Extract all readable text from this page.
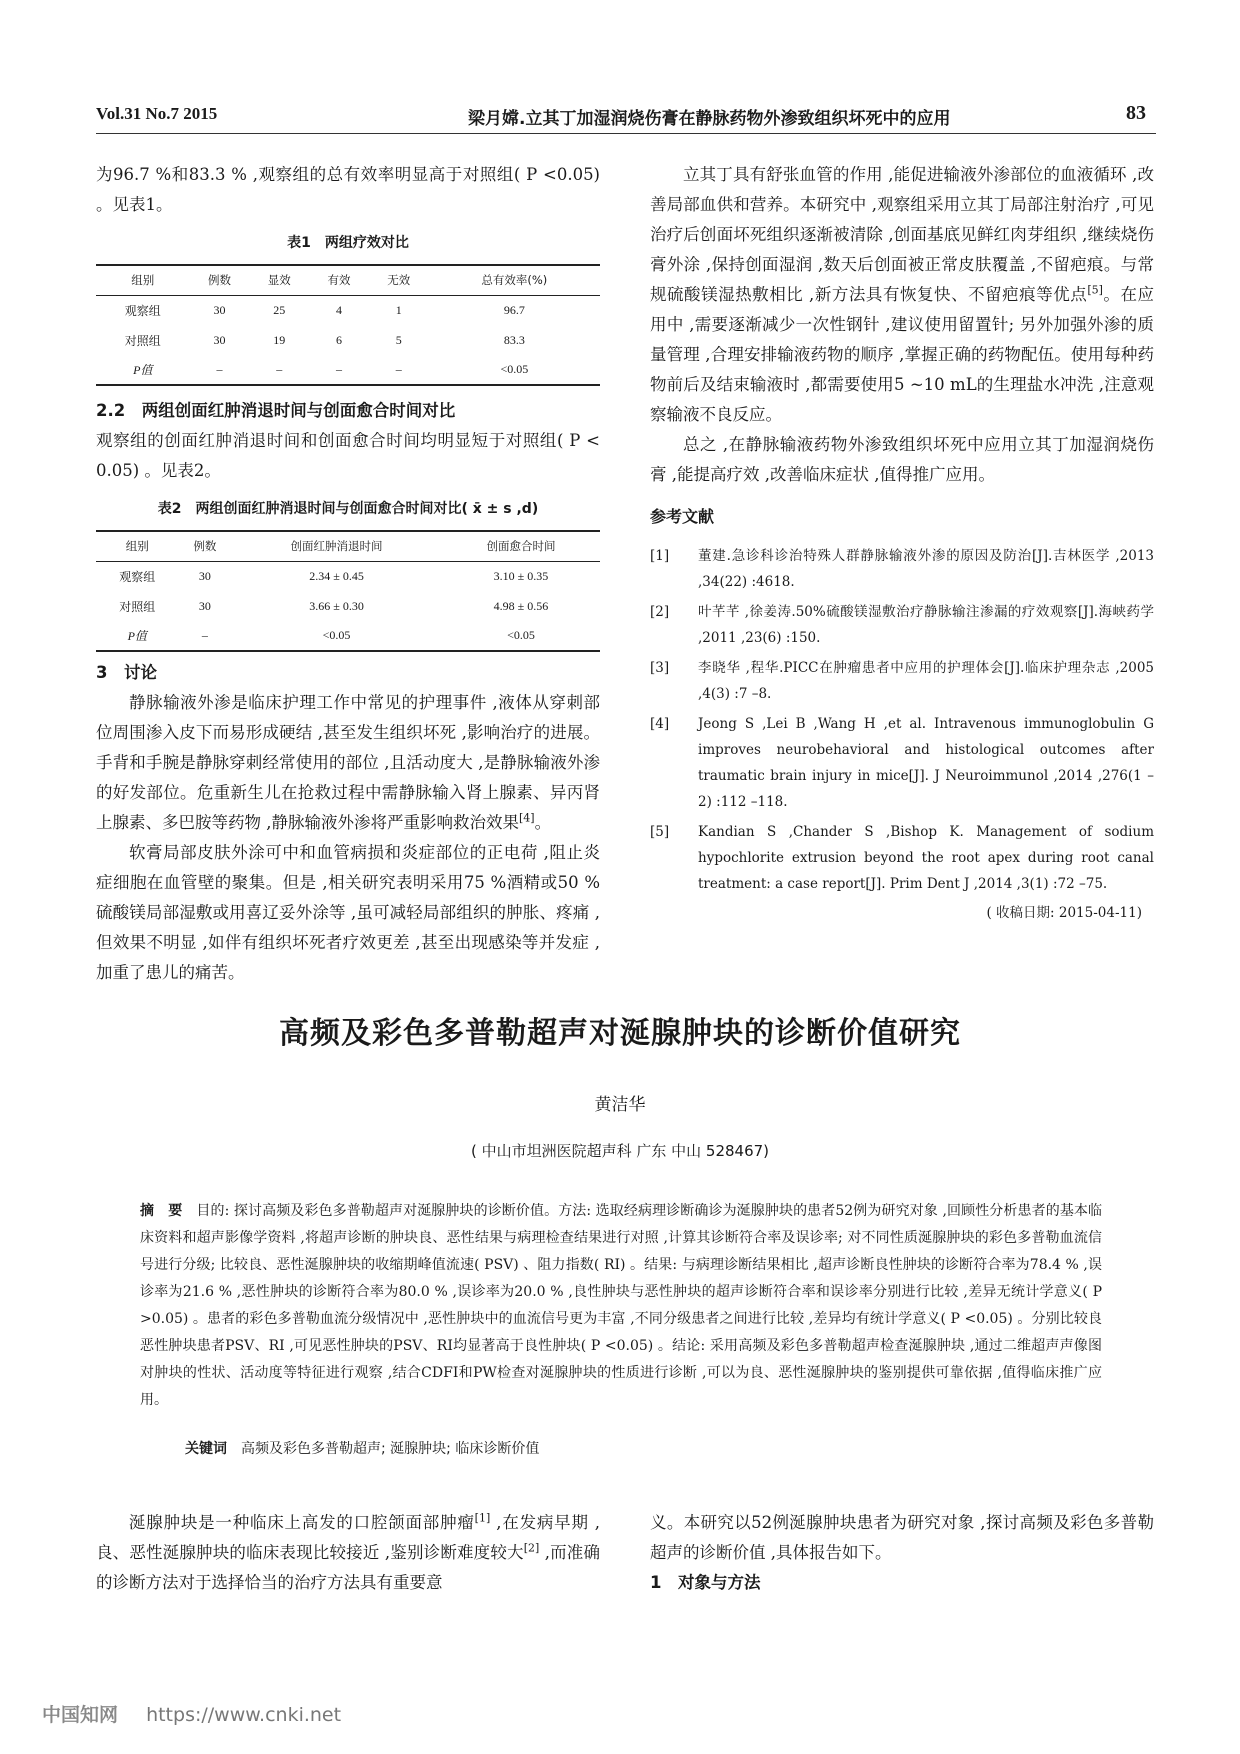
Vol.31 No.7 2015	梁月嫦.立其丁加湿润烧伤膏在静脉药物外渗致组织坏死中的应用	83

为96.7 %和83.3 % ,观察组的总有效率明显高于对照组( P <0.05) 。见表1。

表1　两组疗效对比
组别	例数	显效	有效	无效	总有效率(%)
观察组	30	25	4	1	96.7
对照组	30	19	6	5	83.3
P值	–	–	–	–	<0.05

2.2　两组创面红肿消退时间与创面愈合时间对比

观察组的创面红肿消退时间和创面愈合时间均明显短于对照组( P < 0.05) 。见表2。

表2　两组创面红肿消退时间与创面愈合时间对比( x̄ ± s ,d)
组别	例数	创面红肿消退时间	创面愈合时间
观察组	30	2.34 ± 0.45	3.10 ± 0.35
对照组	30	3.66 ± 0.30	4.98 ± 0.56
P值	–	<0.05	<0.05
3　讨论

静脉输液外渗是临床护理工作中常见的护理事件 ,液体从穿刺部位周围渗入皮下而易形成硬结 ,甚至发生组织坏死 ,影响治疗的进展。手背和手腕是静脉穿刺经常使用的部位 ,且活动度大 ,是静脉输液外渗的好发部位。危重新生儿在抢救过程中需静脉输入肾上腺素、异丙肾上腺素、多巴胺等药物 ,静脉输液外渗将严重影响救治效果[4]。

软膏局部皮肤外涂可中和血管病损和炎症部位的正电荷 ,阻止炎症细胞在血管壁的聚集。但是 ,相关研究表明采用75 %酒精或50 %硫酸镁局部湿敷或用喜辽妥外涂等 ,虽可减轻局部组织的肿胀、疼痛 ,但效果不明显 ,如伴有组织坏死者疗效更差 ,甚至出现感染等并发症 ,加重了患儿的痛苦。

立其丁具有舒张血管的作用 ,能促进输液外渗部位的血液循环 ,改善局部血供和营养。本研究中 ,观察组采用立其丁局部注射治疗 ,可见治疗后创面坏死组织逐渐被清除 ,创面基底见鲜红肉芽组织 ,继续烧伤膏外涂 ,保持创面湿润 ,数天后创面被正常皮肤覆盖 ,不留疤痕。与常规硫酸镁湿热敷相比 ,新方法具有恢复快、不留疤痕等优点[5]。在应用中 ,需要逐渐减少一次性钢针 ,建议使用留置针; 另外加强外渗的质量管理 ,合理安排输液药物的顺序 ,掌握正确的药物配伍。使用每种药物前后及结束输液时 ,都需要使用5 ~10 mL的生理盐水冲洗 ,注意观察输液不良反应。

总之 ,在静脉输液药物外渗致组织坏死中应用立其丁加湿润烧伤膏 ,能提高疗效 ,改善临床症状 ,值得推广应用。

参考文献
[1] 董建.急诊科诊治特殊人群静脉输液外渗的原因及防治[J].吉林医学 ,2013 ,34(22) :4618.
[2] 叶芊芊 ,徐姜涛.50%硫酸镁湿敷治疗静脉输注渗漏的疗效观察[J].海峡药学 ,2011 ,23(6) :150.
[3] 李晓华 ,程华.PICC在肿瘤患者中应用的护理体会[J].临床护理杂志 ,2005 ,4(3) :7 –8.
[4] Jeong S ,Lei B ,Wang H ,et al. Intravenous immunoglobulin G improves neurobehavioral and histological outcomes after traumatic brain injury in mice[J]. J Neuroimmunol ,2014 ,276(1 –2) :112 –118.
[5] Kandian S ,Chander S ,Bishop K. Management of sodium hypochlorite extrusion beyond the root apex during root canal treatment: a case report[J]. Prim Dent J ,2014 ,3(1) :72 –75.
( 收稿日期: 2015-04-11)
高频及彩色多普勒超声对涎腺肿块的诊断价值研究
黄洁华
( 中山市坦洲医院超声科 广东 中山 528467)
摘　要　 目的: 探讨高频及彩色多普勒超声对涎腺肿块的诊断价值。方法: 选取经病理诊断确诊为涎腺肿块的患者52例为研究对象 ,回顾性分析患者的基本临床资料和超声影像学资料 ,将超声诊断的肿块良、恶性结果与病理检查结果进行对照 ,计算其诊断符合率及误诊率; 对不同性质涎腺肿块的彩色多普勒血流信号进行分级; 比较良、恶性涎腺肿块的收缩期峰值流速( PSV) 、阻力指数( RI) 。结果: 与病理诊断结果相比 ,超声诊断良性肿块的诊断符合率为78.4 % ,误诊率为21.6 % ,恶性肿块的诊断符合率为80.0 % ,误诊率为20.0 % ,良性肿块与恶性肿块的超声诊断符合率和误诊率分别进行比较 ,差异无统计学意义( P >0.05) 。患者的彩色多普勒血流分级情况中 ,恶性肿块中的血流信号更为丰富 ,不同分级患者之间进行比较 ,差异均有统计学意义( P <0.05) 。分别比较良恶性肿块患者PSV、RI ,可见恶性肿块的PSV、RI均显著高于良性肿块( P <0.05) 。结论: 采用高频及彩色多普勒超声检查涎腺肿块 ,通过二维超声声像图对肿块的性状、活动度等特征进行观察 ,结合CDFI和PW检查对涎腺肿块的性质进行诊断 ,可以为良、恶性涎腺肿块的鉴别提供可靠依据 ,值得临床推广应用。
关键词　 高频及彩色多普勒超声; 涎腺肿块; 临床诊断价值

涎腺肿块是一种临床上高发的口腔颌面部肿瘤[1] ,在发病早期 ,良、恶性涎腺肿块的临床表现比较接近 ,鉴别诊断难度较大[2] ,而准确的诊断方法对于选择恰当的治疗方法具有重要意

义。本研究以52例涎腺肿块患者为研究对象 ,探讨高频及彩色多普勒超声的诊断价值 ,具体报告如下。

1　对象与方法
中国知网 https://www.cnki.net
